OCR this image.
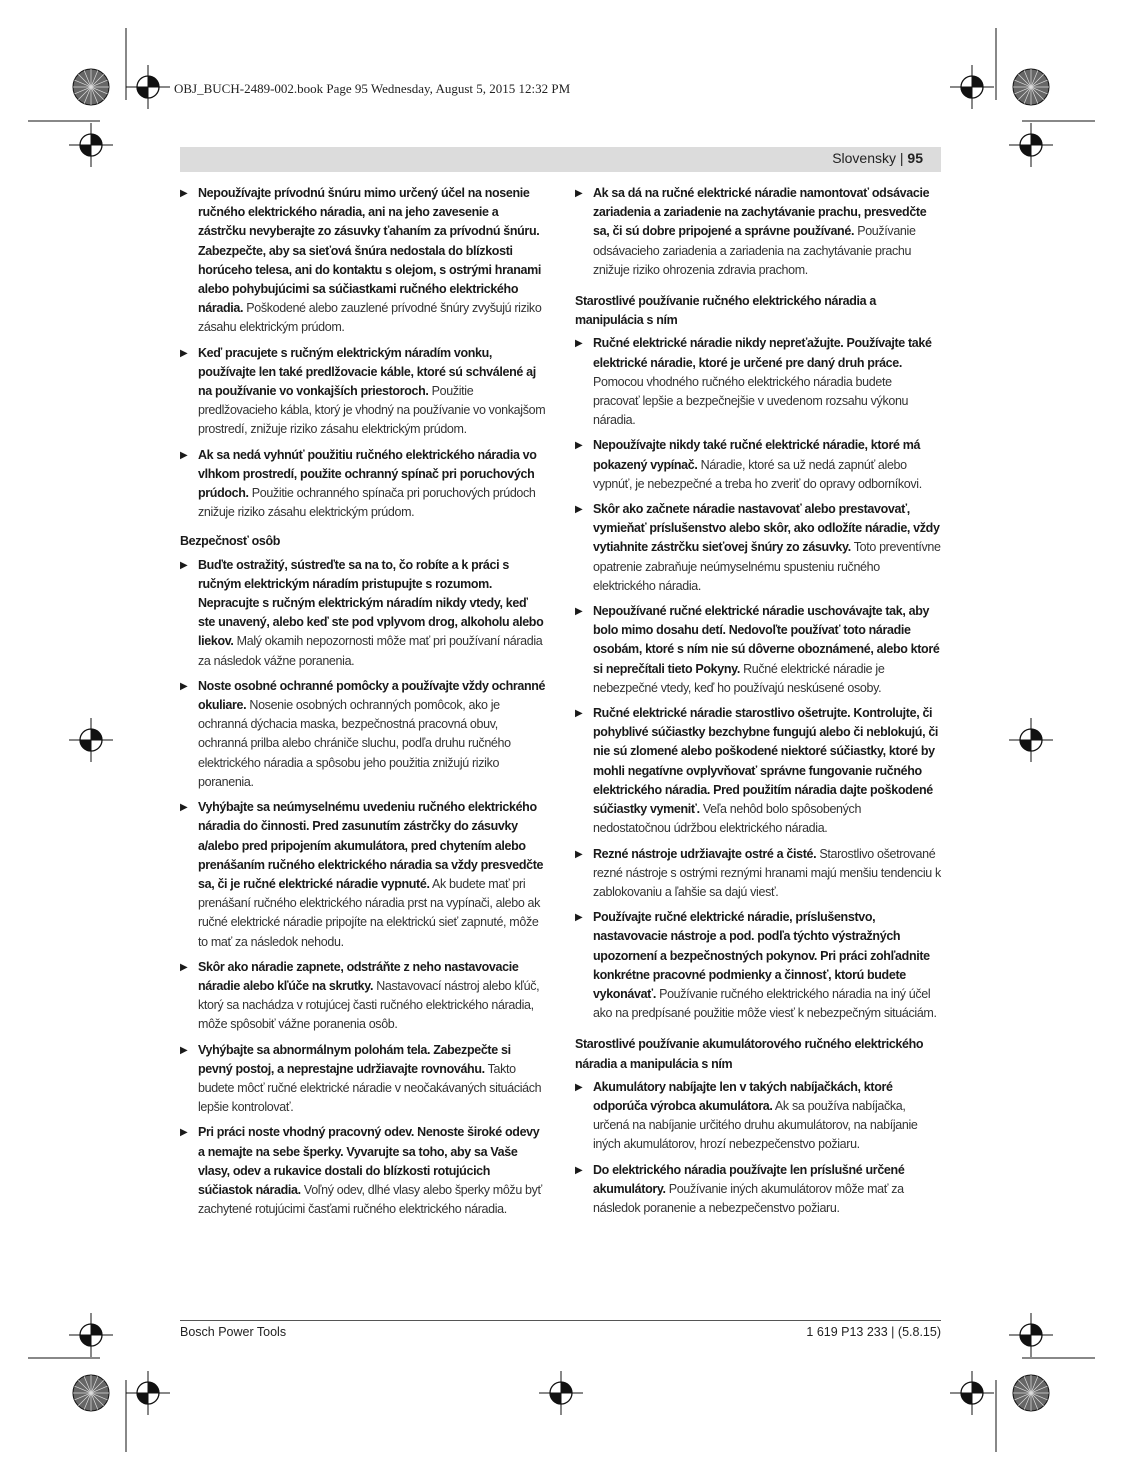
OBJ_BUCH-2489-002.book Page 95 Wednesday, August 5, 2015 12:32 PM
Slovensky | 95
▶ Nepoužívajte prívodnú šnúru mimo určený účel na nosenie ručného elektrického náradia, ani na jeho zavesenie a zástrčku nevyberajte zo zásuvky ťahaním za prívodnú šnúru. Zabezpečte, aby sa sieťová šnúra nedostala do blízkosti horúceho telesa, ani do kontaktu s olejom, s ostrými hranami alebo pohybujúcimi sa súčiastkami ručného elektrického náradia. Poškodené alebo zauzlené prívodné šnúry zvyšujú riziko zásahu elektrickým prúdom.
▶ Keď pracujete s ručným elektrickým náradím vonku, používajte len také predlžovacie káble, ktoré sú schválené aj na používanie vo vonkajších priestoroch. Použitie predlžovacieho kábla, ktorý je vhodný na používanie vo vonkajšom prostredí, znižuje riziko zásahu elektrickým prúdom.
▶ Ak sa nedá vyhnúť použitiu ručného elektrického náradia vo vlhkom prostredí, použite ochranný spínač pri poruchových prúdoch. Použitie ochranného spínača pri poruchových prúdoch znižuje riziko zásahu elektrickým prúdom.
Bezpečnosť osôb
▶ Buďte ostražitý, sústreďte sa na to, čo robíte a k práci s ručným elektrickým náradím pristupujte s rozumom. Nepracujte s ručným elektrickým náradím nikdy vtedy, keď ste unavený, alebo keď ste pod vplyvom drog, alkoholu alebo liekov. Malý okamih nepozornosti môže mať pri používaní náradia za následok vážne poranenia.
▶ Noste osobné ochranné pomôcky a používajte vždy ochranné okuliare. Nosenie osobných ochranných pomôcok, ako je ochranná dýchacia maska, bezpečnostná pracovná obuv, ochranná prilba alebo chrániče sluchu, podľa druhu ručného elektrického náradia a spôsobu jeho použitia znižujú riziko poranenia.
▶ Vyhýbajte sa neúmyselnému uvedeniu ručného elektrického náradia do činnosti. Pred zasunutím zástrčky do zásuvky a/alebo pred pripojením akumulátora, pred chytením alebo prenášaním ručného elektrického náradia sa vždy presvedčte sa, či je ručné elektrické náradie vypnuté. Ak budete mať pri prenášaní ručného elektrického náradia prst na vypínači, alebo ak ručné elektrické náradie pripojíte na elektrickú sieť zapnuté, môže to mať za následok nehodu.
▶ Skôr ako náradie zapnete, odstráňte z neho nastavovacie náradie alebo kľúče na skrutky. Nastavovací nástroj alebo kľúč, ktorý sa nachádza v rotujúcej časti ručného elektrického náradia, môže spôsobiť vážne poranenia osôb.
▶ Vyhýbajte sa abnormálnym polohám tela. Zabezpečte si pevný postoj, a neprestajne udržiavajte rovnováhu. Takto budete môcť ručné elektrické náradie v neočakávaných situáciách lepšie kontrolovať.
▶ Pri práci noste vhodný pracovný odev. Nenoste široké odevy a nemajte na sebe šperky. Vyvarujte sa toho, aby sa Vaše vlasy, odev a rukavice dostali do blízkosti rotujúcich súčiastok náradia. Voľný odev, dlhé vlasy alebo šperky môžu byť zachytené rotujúcimi časťami ručného elektrického náradia.
▶ Ak sa dá na ručné elektrické náradie namontovať odsávacie zariadenia a zariadenie na zachytávanie prachu, presvedčte sa, či sú dobre pripojené a správne používané. Používanie odsávacieho zariadenia a zariadenia na zachytávanie prachu znižuje riziko ohrozenia zdravia prachom.
Starostlivé používanie ručného elektrického náradia a manipulácia s ním
▶ Ručné elektrické náradie nikdy nepreťažujte. Používajte také elektrické náradie, ktoré je určené pre daný druh práce. Pomocou vhodného ručného elektrického náradia budete pracovať lepšie a bezpečnejšie v uvedenom rozsahu výkonu náradia.
▶ Nepoužívajte nikdy také ručné elektrické náradie, ktoré má pokazený vypínač. Náradie, ktoré sa už nedá zapnúť alebo vypnúť, je nebezpečné a treba ho zveriť do opravy odborníkovi.
▶ Skôr ako začnete náradie nastavovať alebo prestavovať, vymieňať príslušenstvo alebo skôr, ako odložíte náradie, vždy vytiahnite zástrčku sieťovej šnúry zo zásuvky. Toto preventívne opatrenie zabraňuje neúmyselnému spusteniu ručného elektrického náradia.
▶ Nepoužívané ručné elektrické náradie uschovávajte tak, aby bolo mimo dosahu detí. Nedovoľte používať toto náradie osobám, ktoré s ním nie sú dôverne oboznámené, alebo ktoré si neprečítali tieto Pokyny. Ručné elektrické náradie je nebezpečné vtedy, keď ho používajú neskúsené osoby.
▶ Ručné elektrické náradie starostlivo ošetrujte. Kontrolujte, či pohyblivé súčiastky bezchybne fungujú alebo či neblokujú, či nie sú zlomené alebo poškodené niektoré súčiastky, ktoré by mohli negatívne ovplyvňovať správne fungovanie ručného elektrického náradia. Pred použitím náradia dajte poškodené súčiastky vymeniť. Veľa nehôd bolo spôsobených nedostatočnou údržbou elektrického náradia.
▶ Rezné nástroje udržiavajte ostré a čisté. Starostlivo ošetrované rezné nástroje s ostrými reznými hranami majú menšiu tendenciu k zablokovaniu a ľahšie sa dajú viesť.
▶ Používajte ručné elektrické náradie, príslušenstvo, nastavovacie nástroje a pod. podľa týchto výstražných upozornení a bezpečnostných pokynov. Pri práci zohľadnite konkrétne pracovné podmienky a činnosť, ktorú budete vykonávať. Používanie ručného elektrického náradia na iný účel ako na predpísané použitie môže viesť k nebezpečným situáciám.
Starostlivé používanie akumulátorového ručného elektrického náradia a manipulácia s ním
▶ Akumulátory nabíjajte len v takých nabíjačkách, ktoré odporúča výrobca akumulátora. Ak sa používa nabíjačka, určená na nabíjanie určitého druhu akumulátorov, na nabíjanie iných akumulátorov, hrozí nebezpečenstvo požiaru.
▶ Do elektrického náradia používajte len príslušné určené akumulátory. Používanie iných akumulátorov môže mať za následok poranenie a nebezpečenstvo požiaru.
Bosch Power Tools	1 619 P13 233 | (5.8.15)
